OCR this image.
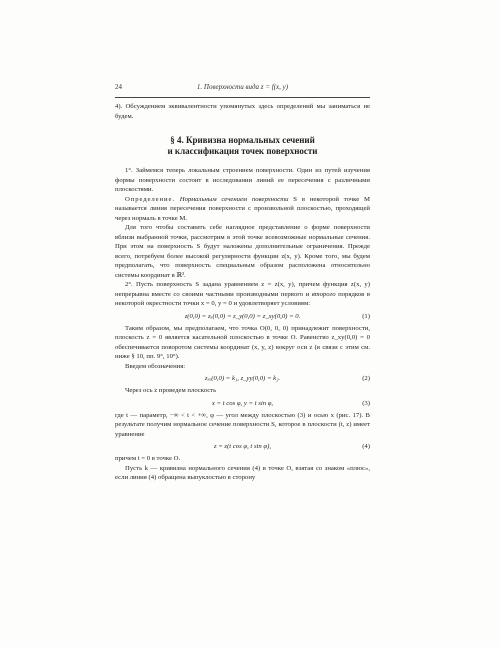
24	1. Поверхности вида z = f(x, y)

4). Обсуждением эквивалентности упомянутых здесь определений мы заниматься не будем.

§ 4. Кривизна нормальных сечений
и классификация точек поверхности

1°. Займемся теперь локальным строением поверхности. Один из путей изучения формы поверхности состоит в исследовании линий ее пересечения с различными плоскостями.

Определение. Нормальным сечением поверхности S в некоторой точке M называется линия пересечения поверхности с произвольной плоскостью, проходящей через нормаль в точке M.

Для того чтобы составить себе наглядное представление о форме поверхности вблизи выбранной точки, рассмотрим в этой точке всевозможные нормальные сечения. При этом на поверхность S будут наложены дополнительные ограничения. Прежде всего, потребуем более высокой регулярности функции z(x, y). Кроме того, мы будем предполагать, что поверхность специальным образом расположена относительно системы координат в ℝ³.

2°. Пусть поверхность S задана уравнением z = z(x, y), причем функция z(x, y) непрерывна вместе со своими частными производными первого и второго порядков в некоторой окрестности точки x = 0, y = 0 и удовлетворяет условиям:

z(0,0) = zₓ(0,0) = z_y(0,0) = z_xy(0,0) = 0.	(1)

Таким образом, мы предполагаем, что точка O(0, 0, 0) принадлежит поверхности, плоскость z = 0 является касательной плоскостью в точке O. Равенство z_xy(0,0) = 0 обеспечивается поворотом системы координат (x, y, z) вокруг оси z (в связи с этим см. ниже § 10, пп. 9°, 10°).

Введем обозначения:

zₓₓ(0,0) = k₁, z_yy(0,0) = k₂.	(2)

Через ось z проведем плоскость

x = t cos φ, y = t sin φ,	(3)

где t — параметр, −∞ < t < +∞, φ — угол между плоскостью (3) и осью x (рис. 17). В результате получим нормальное сечение поверхности S, которое в плоскости (t, z) имеет уравнение

z = z(t cos φ, t sin φ),	(4)

причем t = 0 в точке O.

Пусть k — кривизна нормального сечения (4) в точке O, взятая со знаком «плюс», если линия (4) обращена выпуклостью в сторону
